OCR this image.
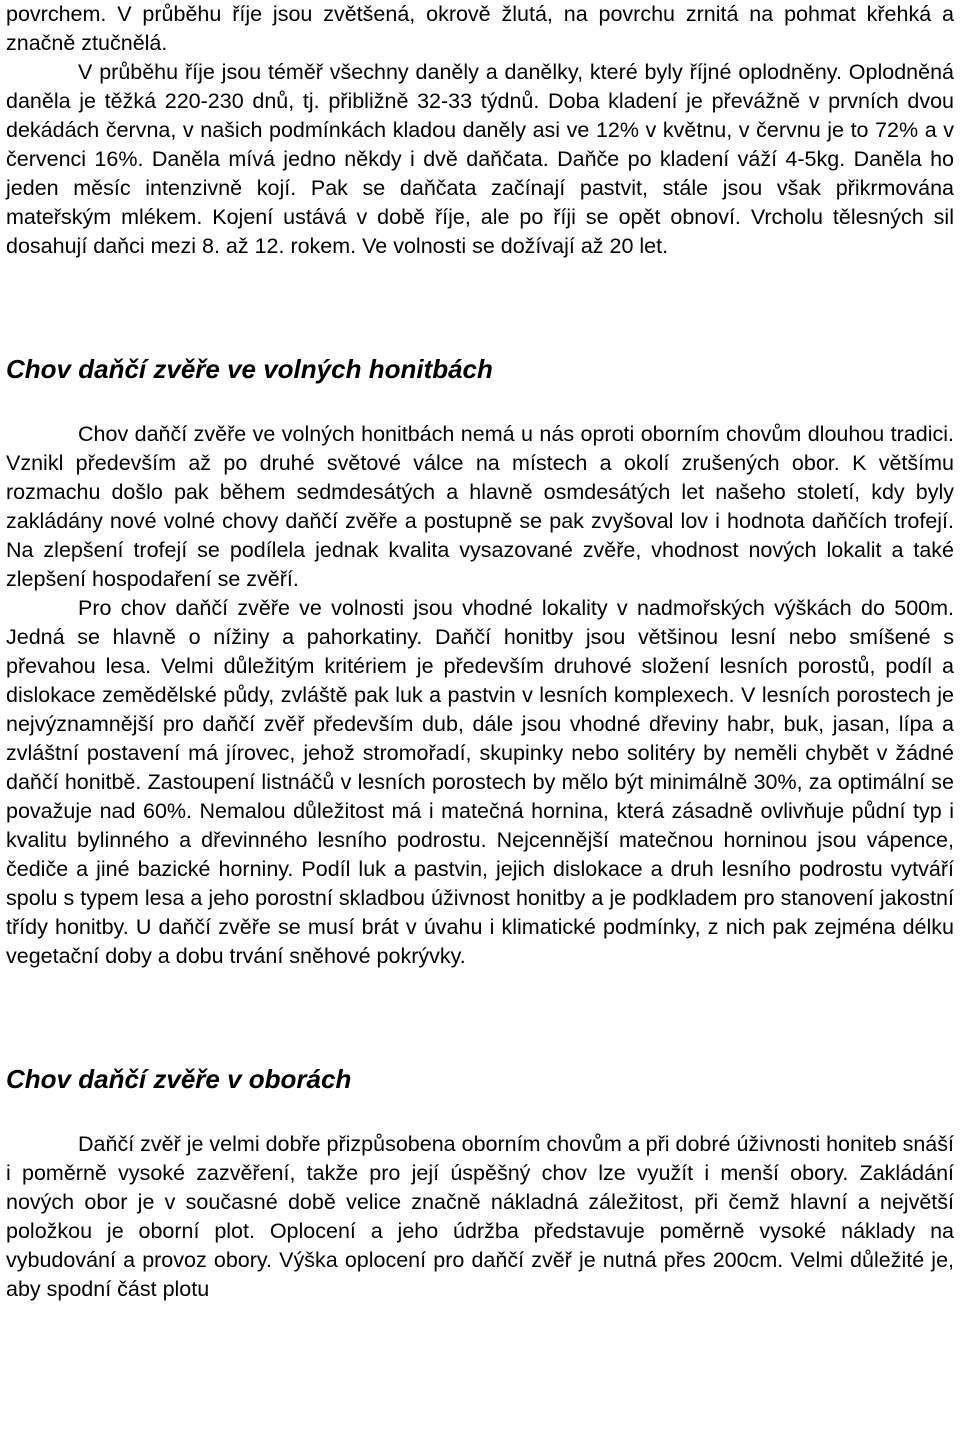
povrchem. V průběhu říje jsou zvětšená, okrově žlutá, na povrchu zrnitá na pohmat křehká a značně ztučnělá.

V průběhu říje jsou téměř všechny daněly a danělky, které byly říjné oplodněny. Oplodněná daněla je těžká 220-230 dnů, tj. přibližně 32-33 týdnů. Doba kladení je převážně v prvních dvou dekádách června, v našich podmínkách kladou daněly asi ve 12% v květnu, v červnu je to 72% a v červenci 16%. Daněla mívá jedno někdy i dvě daňčata. Daňče po kladení váží 4-5kg. Daněla ho jeden měsíc intenzivně kojí. Pak se daňčata začínají pastvit, stále jsou však přikrmována mateřským mlékem. Kojení ustává v době říje, ale po říji se opět obnoví. Vrcholu tělesných sil dosahují daňci mezi 8. až 12. rokem. Ve volnosti se dožívají až 20 let.

Chov daňčí zvěře ve volných honitbách

Chov daňčí zvěře ve volných honitbách nemá u nás oproti oborním chovům dlouhou tradici. Vznikl především až po druhé světové válce na místech a okolí zrušených obor. K většímu rozmachu došlo pak během sedmdesátých a hlavně osmdesátých let našeho století, kdy byly zakládány nové volné chovy daňčí zvěře a postupně se pak zvyšoval lov i hodnota daňčích trofejí. Na zlepšení trofejí se podílela jednak kvalita vysazované zvěře, vhodnost nových lokalit a také zlepšení hospodaření se zvěří.

Pro chov daňčí zvěře ve volnosti jsou vhodné lokality v nadmořských výškách do 500m. Jedná se hlavně o nížiny a pahorkatiny. Daňčí honitby jsou většinou lesní nebo smíšené s převahou lesa. Velmi důležitým kritériem je především druhové složení lesních porostů, podíl a dislokace zemědělské půdy, zvláště pak luk a pastvin v lesních komplexech. V lesních porostech je nejvýznamnější pro daňčí zvěř především dub, dále jsou vhodné dřeviny habr, buk, jasan, lípa a zvláštní postavení má jírovec, jehož stromořadí, skupinky nebo solitéry by neměli chybět v žádné daňčí honitbě. Zastoupení listnáčů v lesních porostech by mělo být minimálně 30%, za optimální se považuje nad 60%. Nemalou důležitost má i matečná hornina, která zásadně ovlivňuje půdní typ i kvalitu bylinného a dřevinného lesního podrostu. Nejcennější matečnou horninou jsou vápence, čediče a jiné bazické horniny. Podíl luk a pastvin, jejich dislokace a druh lesního podrostu vytváří spolu s typem lesa a jeho porostní skladbou úživnost honitby a je podkladem pro stanovení jakostní třídy honitby. U daňčí zvěře se musí brát v úvahu i klimatické podmínky, z nich pak zejména délku vegetační doby a dobu trvání sněhové pokrývky.

Chov daňčí zvěře v oborách

Daňčí zvěř je velmi dobře přizpůsobena oborním chovům a při dobré úživnosti honiteb snáší i poměrně vysoké zazvěření, takže pro její úspěšný chov lze využít i menší obory. Zakládání nových obor je v současné době velice značně nákladná záležitost, při čemž hlavní a největší položkou je oborní plot. Oplocení a jeho údržba představuje poměrně vysoké náklady na vybudování a provoz obory. Výška oplocení pro daňčí zvěř je nutná přes 200cm. Velmi důležité je, aby spodní část plotu
